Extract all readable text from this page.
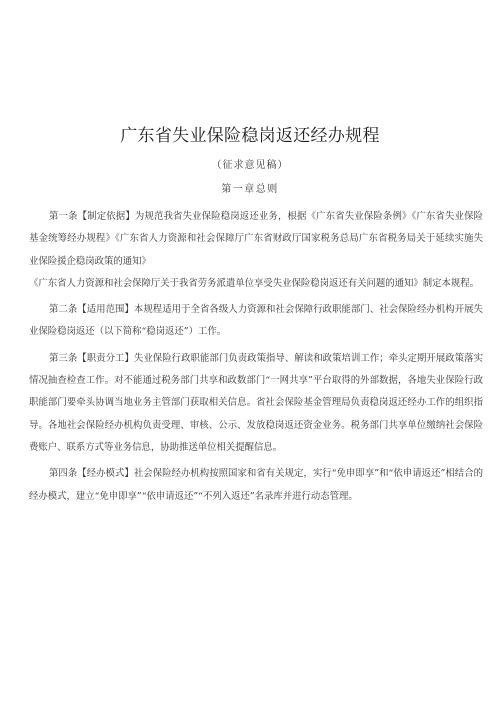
广东省失业保险稳岗返还经办规程
（征求意见稿）
第一章总则

第一条【制定依据】为规范我省失业保险稳岗返还业务，根据《广东省失业保险条例》《广东省失业保险基金统筹经办规程》《广东省人力资源和社会保障厅广东省财政厅国家税务总局广东省税务局关于延续实施失业保险援企稳岗政策的通知》

《广东省人力资源和社会保障厅关于我省劳务派遣单位享受失业保险稳岗返还有关问题的通知》制定本规程。

第二条【适用范围】本规程适用于全省各级人力资源和社会保障行政职能部门、社会保险经办机构开展失业保险稳岗返还（以下简称“稳岗返还”）工作。

第三条【职责分工】失业保险行政职能部门负责政策指导、解读和政策培训工作；牵头定期开展政策落实情况抽查检查工作。对不能通过税务部门共享和政数部门“一网共享”平台取得的外部数据，各地失业保险行政职能部门要牵头协调当地业务主管部门获取相关信息。省社会保险基金管理局负责稳岗返还经办工作的组织指导。各地社会保险经办机构负责受理、审核、公示、发放稳岗返还资金业务。税务部门共享单位缴纳社会保险费账户、联系方式等业务信息，协助推送单位相关提醒信息。

第四条【经办模式】社会保险经办机构按照国家和省有关规定，实行“免申即享”和“依申请返还”相结合的经办模式，建立“免申即享”“依申请返还”“不列入返还”名录库并进行动态管理。
